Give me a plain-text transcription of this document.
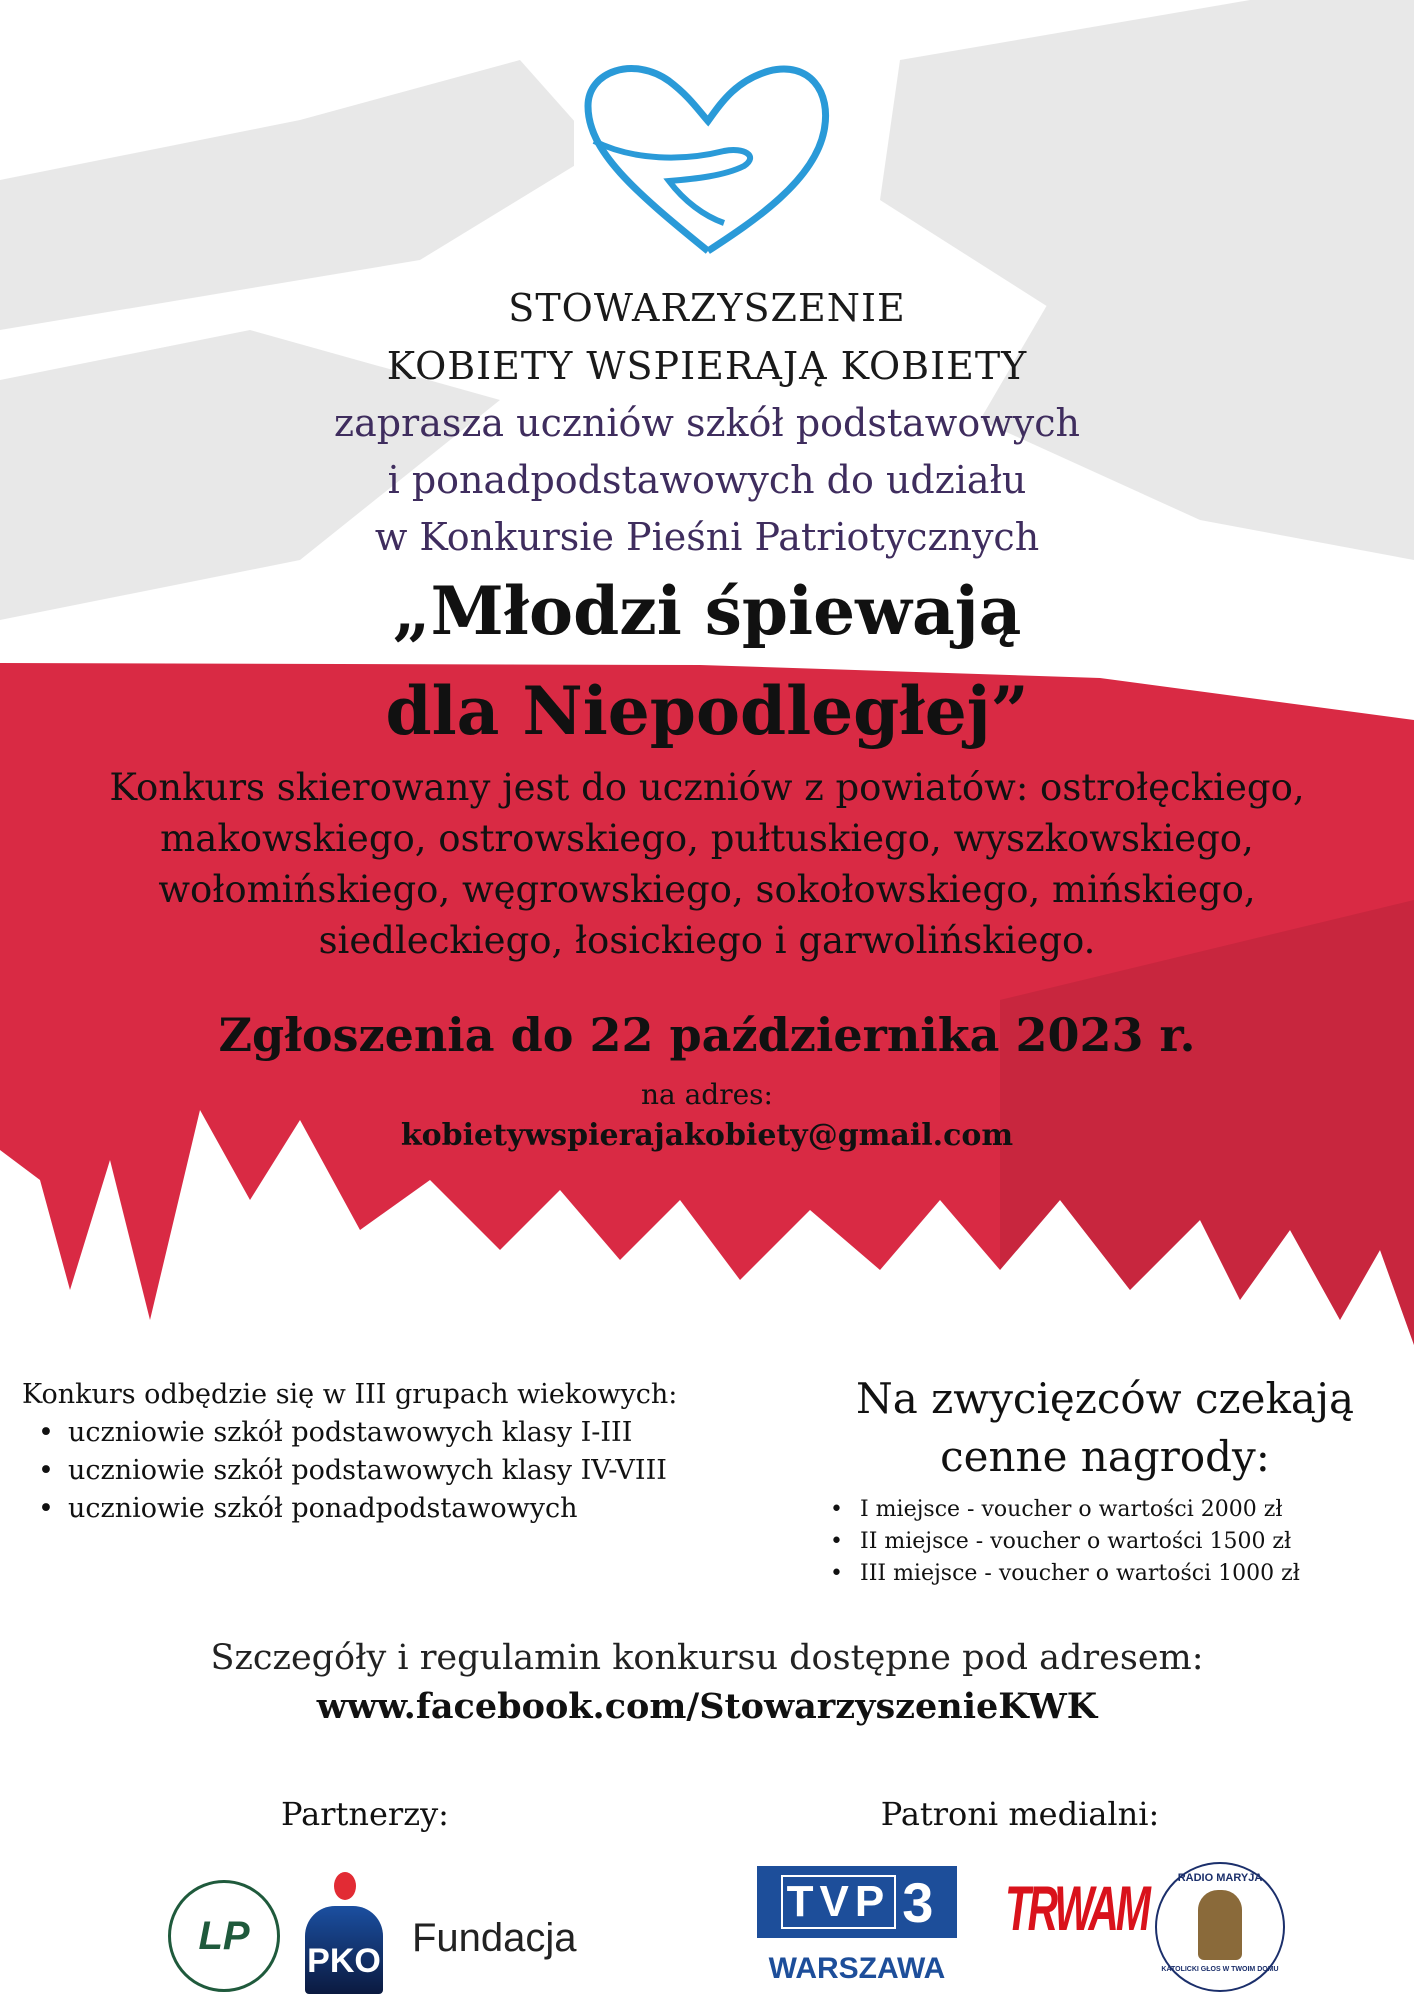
STOWARZYSZENIE
KOBIETY WSPIERAJĄ KOBIETY
zaprasza uczniów szkół podstawowych
i ponadpodstawowych do udziału
w Konkursie Pieśni Patriotycznych
„Młodzi śpiewają
dla Niepodległej”
Konkurs skierowany jest do uczniów z powiatów: ostrołęckiego,
makowskiego, ostrowskiego, pułtuskiego, wyszkowskiego,
wołomińskiego, węgrowskiego, sokołowskiego, mińskiego,
siedleckiego, łosickiego i garwolińskiego.
Zgłoszenia do 22 października 2023 r.
na adres:
kobietywspierajakobiety@gmail.com
Konkurs odbędzie się w III grupach wiekowych:
• uczniowie szkół podstawowych klasy I-III
• uczniowie szkół podstawowych klasy IV-VIII
• uczniowie szkół ponadpodstawowych
Na zwycięzców czekają
cenne nagrody:
• I miejsce - voucher o wartości 2000 zł
• II miejsce - voucher o wartości 1500 zł
• III miejsce - voucher o wartości 1000 zł
Szczegóły i regulamin konkursu dostępne pod adresem:
www.facebook.com/StowarzyszenieKWK
Partnerzy:	Patroni medialni:
LP
PKO
Fundacja
TVP 3
WARSZAWA
TRWAM	RADIO MARYJA
KATOLICKI GŁOS W TWOIM DOMU
